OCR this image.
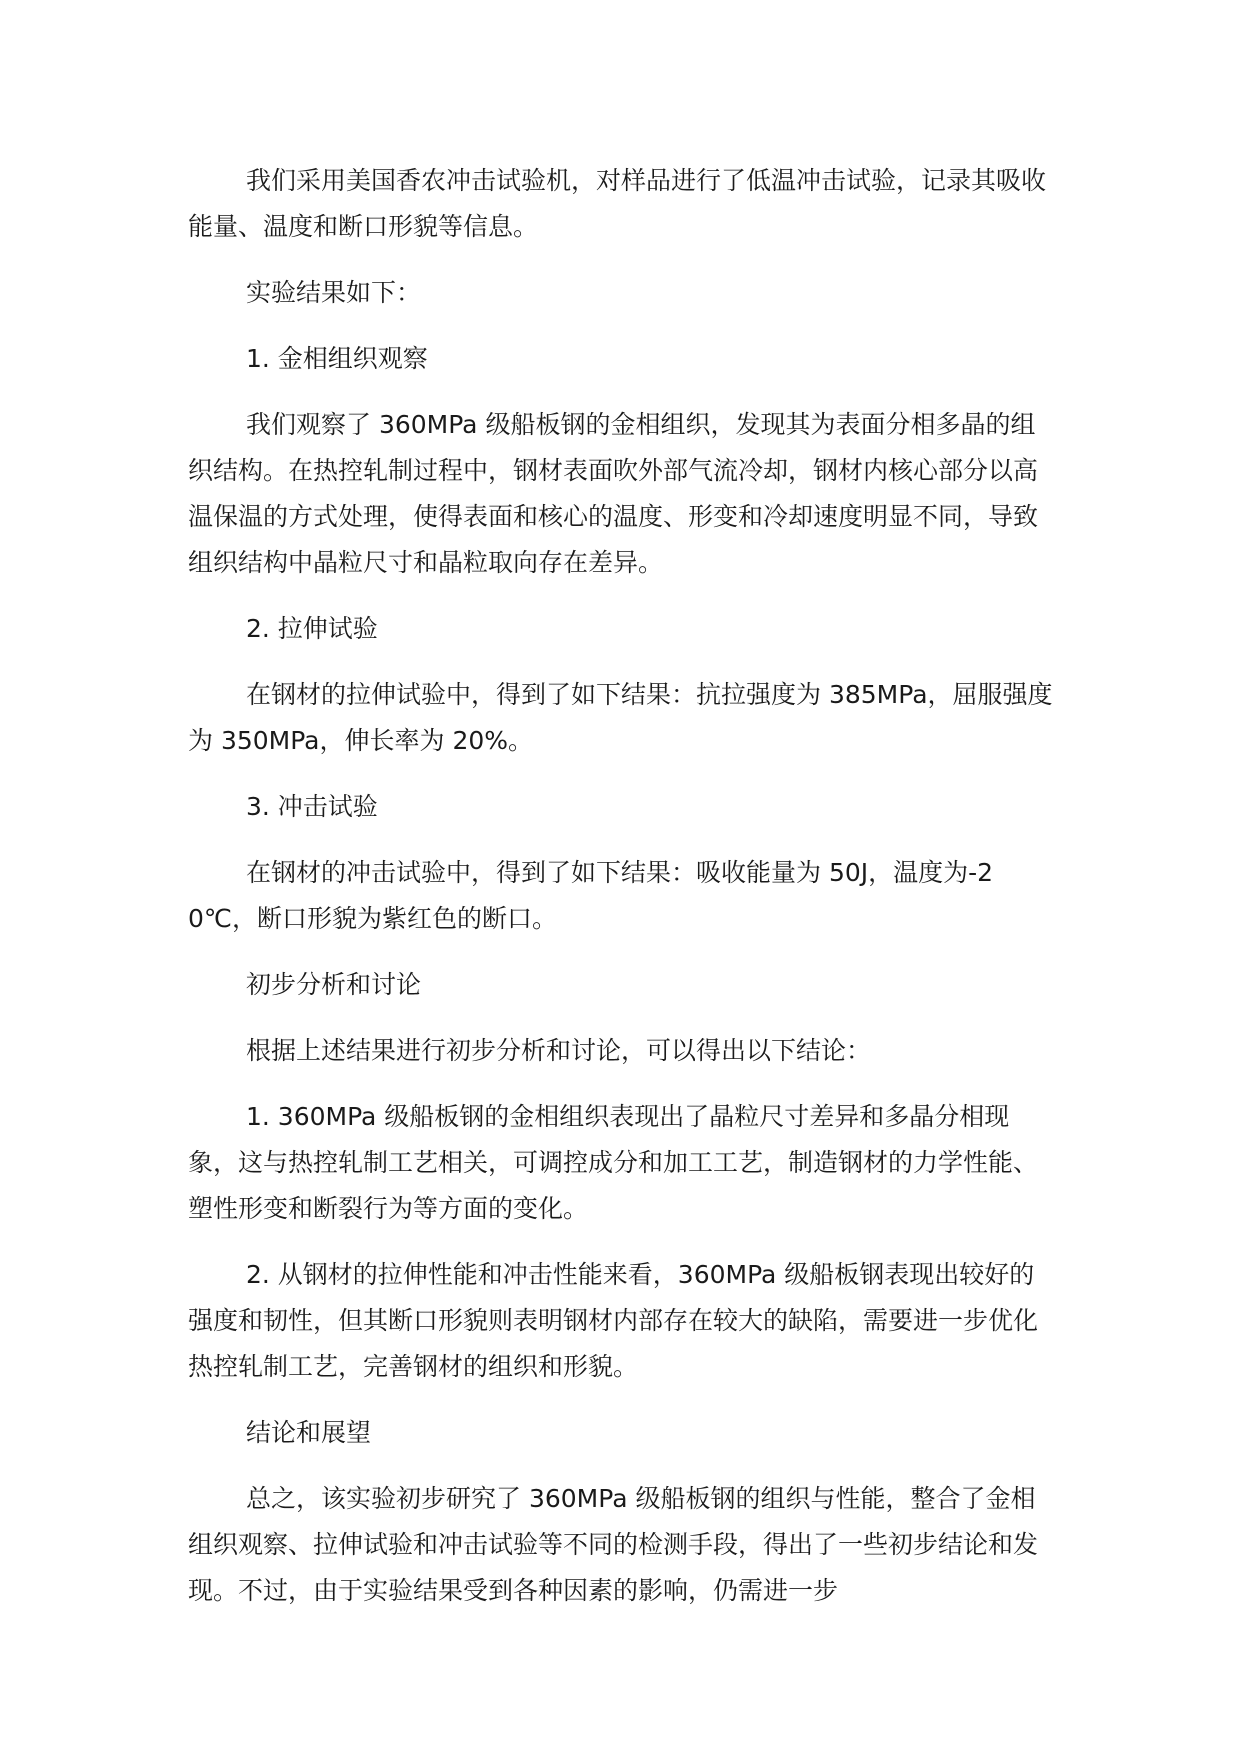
我们采用美国香农冲击试验机，对样品进行了低温冲击试验，记录其吸收能量、温度和断口形貌等信息。

实验结果如下：

1. 金相组织观察

我们观察了 360MPa 级船板钢的金相组织，发现其为表面分相多晶的组织结构。在热控轧制过程中，钢材表面吹外部气流冷却，钢材内核心部分以高温保温的方式处理，使得表面和核心的温度、形变和冷却速度明显不同，导致组织结构中晶粒尺寸和晶粒取向存在差异。

2. 拉伸试验

在钢材的拉伸试验中，得到了如下结果：抗拉强度为 385MPa，屈服强度为 350MPa，伸长率为 20%。

3. 冲击试验

在钢材的冲击试验中，得到了如下结果：吸收能量为 50J，温度为-20℃，断口形貌为紫红色的断口。

初步分析和讨论

根据上述结果进行初步分析和讨论，可以得出以下结论：

1. 360MPa 级船板钢的金相组织表现出了晶粒尺寸差异和多晶分相现象，这与热控轧制工艺相关，可调控成分和加工工艺，制造钢材的力学性能、塑性形变和断裂行为等方面的变化。

2. 从钢材的拉伸性能和冲击性能来看，360MPa 级船板钢表现出较好的强度和韧性，但其断口形貌则表明钢材内部存在较大的缺陷，需要进一步优化热控轧制工艺，完善钢材的组织和形貌。

结论和展望

总之，该实验初步研究了 360MPa 级船板钢的组织与性能，整合了金相组织观察、拉伸试验和冲击试验等不同的检测手段，得出了一些初步结论和发现。不过，由于实验结果受到各种因素的影响，仍需进一步
